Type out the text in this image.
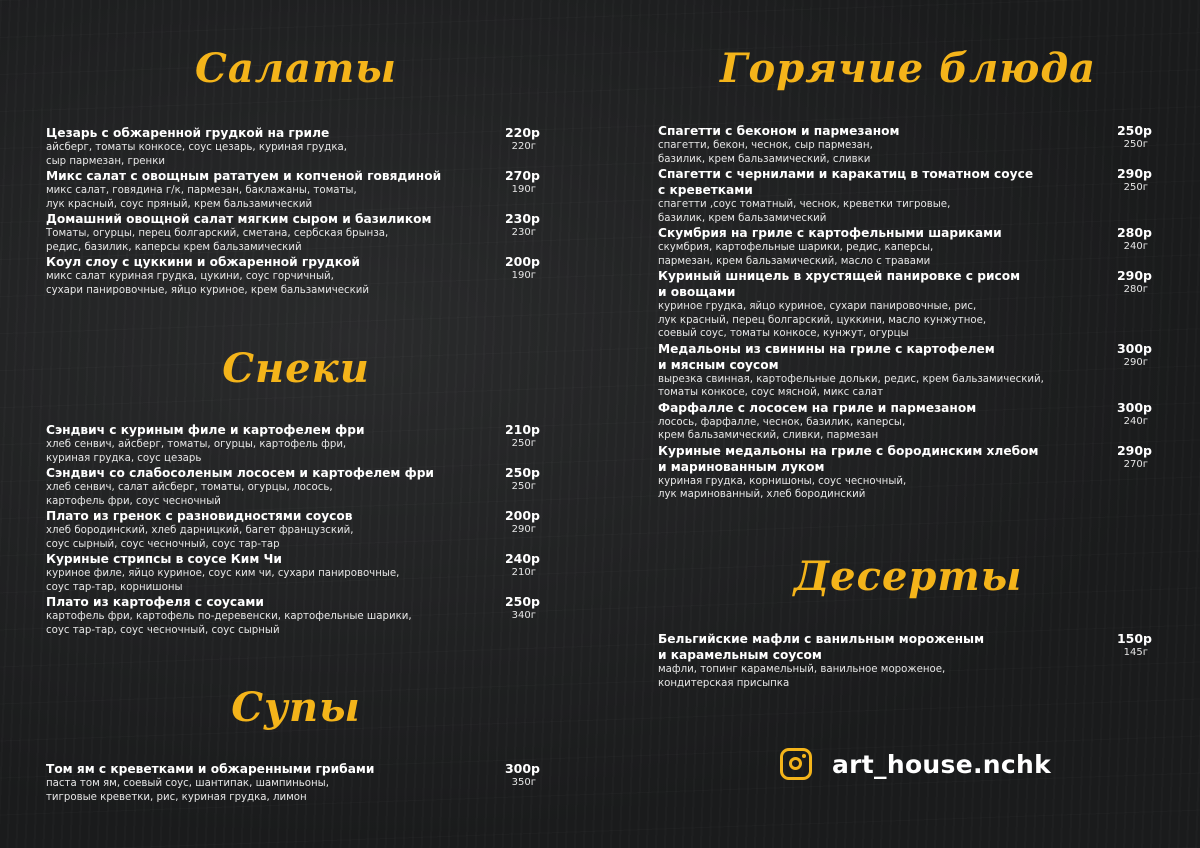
Салаты
Цезарь с обжаренной грудкой на гриле
айсберг, томаты конкосе, соус цезарь, куриная грудка,
сыр пармезан, гренки
220р
220г
Микс салат с овощным рататуем и копченой говядиной
микс салат, говядина г/к, пармезан, баклажаны, томаты,
лук красный, соус пряный, крем бальзамический
270р
190г
Домашний овощной салат мягким сыром и базиликом
Томаты, огурцы, перец болгарский, сметана, сербская брынза,
редис, базилик, каперсы крем бальзамический
230р
230г
Коул слоу с цуккини и обжаренной грудкой
микс салат куриная грудка, цукини, соус горчичный,
сухари панировочные, яйцо куриное, крем бальзамический
200р
190г
Снеки
Сэндвич с куриным филе и картофелем фри
хлеб сенвич, айсберг, томаты, огурцы, картофель фри,
куриная грудка, соус цезарь
210р
250г
Сэндвич со слабосоленым лососем и картофелем фри
хлеб сенвич, салат айсберг, томаты, огурцы, лосось,
картофель фри, соус чесночный
250р
250г
Плато из гренок с разновидностями соусов
хлеб бородинский, хлеб дарницкий, багет французский,
соус сырный, соус чесночный, соус тар-тар
200р
290г
Куриные стрипсы в соусе Ким Чи
куриное филе, яйцо куриное, соус ким чи, сухари панировочные,
соус тар-тар, корнишоны
240р
210г
Плато из картофеля с соусами
картофель фри, картофель по-деревенски, картофельные шарики,
соус тар-тар, соус чесночный, соус сырный
250р
340г
Супы
Том ям с креветками и обжаренными грибами
паста том ям, соевый соус, шантипак, шампиньоны,
тигровые креветки, рис, куриная грудка, лимон
300р
350г
Горячие блюда
Спагетти с беконом и пармезаном
спагетти, бекон, чеснок, сыр пармезан,
базилик, крем бальзамический, сливки
250р
250г
Спагетти с чернилами и каракатиц в томатном соусе
с креветками
спагетти ,соус томатный, чеснок, креветки тигровые,
базилик, крем бальзамический
290р
250г
Скумбрия на гриле с картофельными шариками
скумбрия, картофельные шарики, редис, каперсы,
пармезан, крем бальзамический, масло с травами
280р
240г
Куриный шницель в хрустящей панировке с рисом
и овощами
куриное грудка, яйцо куриное, сухари панировочные, рис,
лук красный, перец болгарский, цуккини, масло кунжутное,
соевый соус, томаты конкосе, кунжут, огурцы
290р
280г
Медальоны из свинины на гриле с картофелем
и мясным соусом
вырезка свинная, картофельные дольки, редис, крем бальзамический,
томаты конкосе, соус мясной, микс салат
300р
290г
Фарфалле с лососем на гриле и пармезаном
лосось, фарфалле, чеснок, базилик, каперсы,
крем бальзамический, сливки, пармезан
300р
240г
Куриные медальоны на гриле с бородинским хлебом
и маринованным луком
куриная грудка, корнишоны, соус чесночный,
лук маринованный, хлеб бородинский
290р
270г
Десерты
Бельгийские мафли с ванильным мороженым
и карамельным соусом
мафли, топинг карамельный, ванильное мороженое,
кондитерская присыпка
150р
145г
art_house.nchk
